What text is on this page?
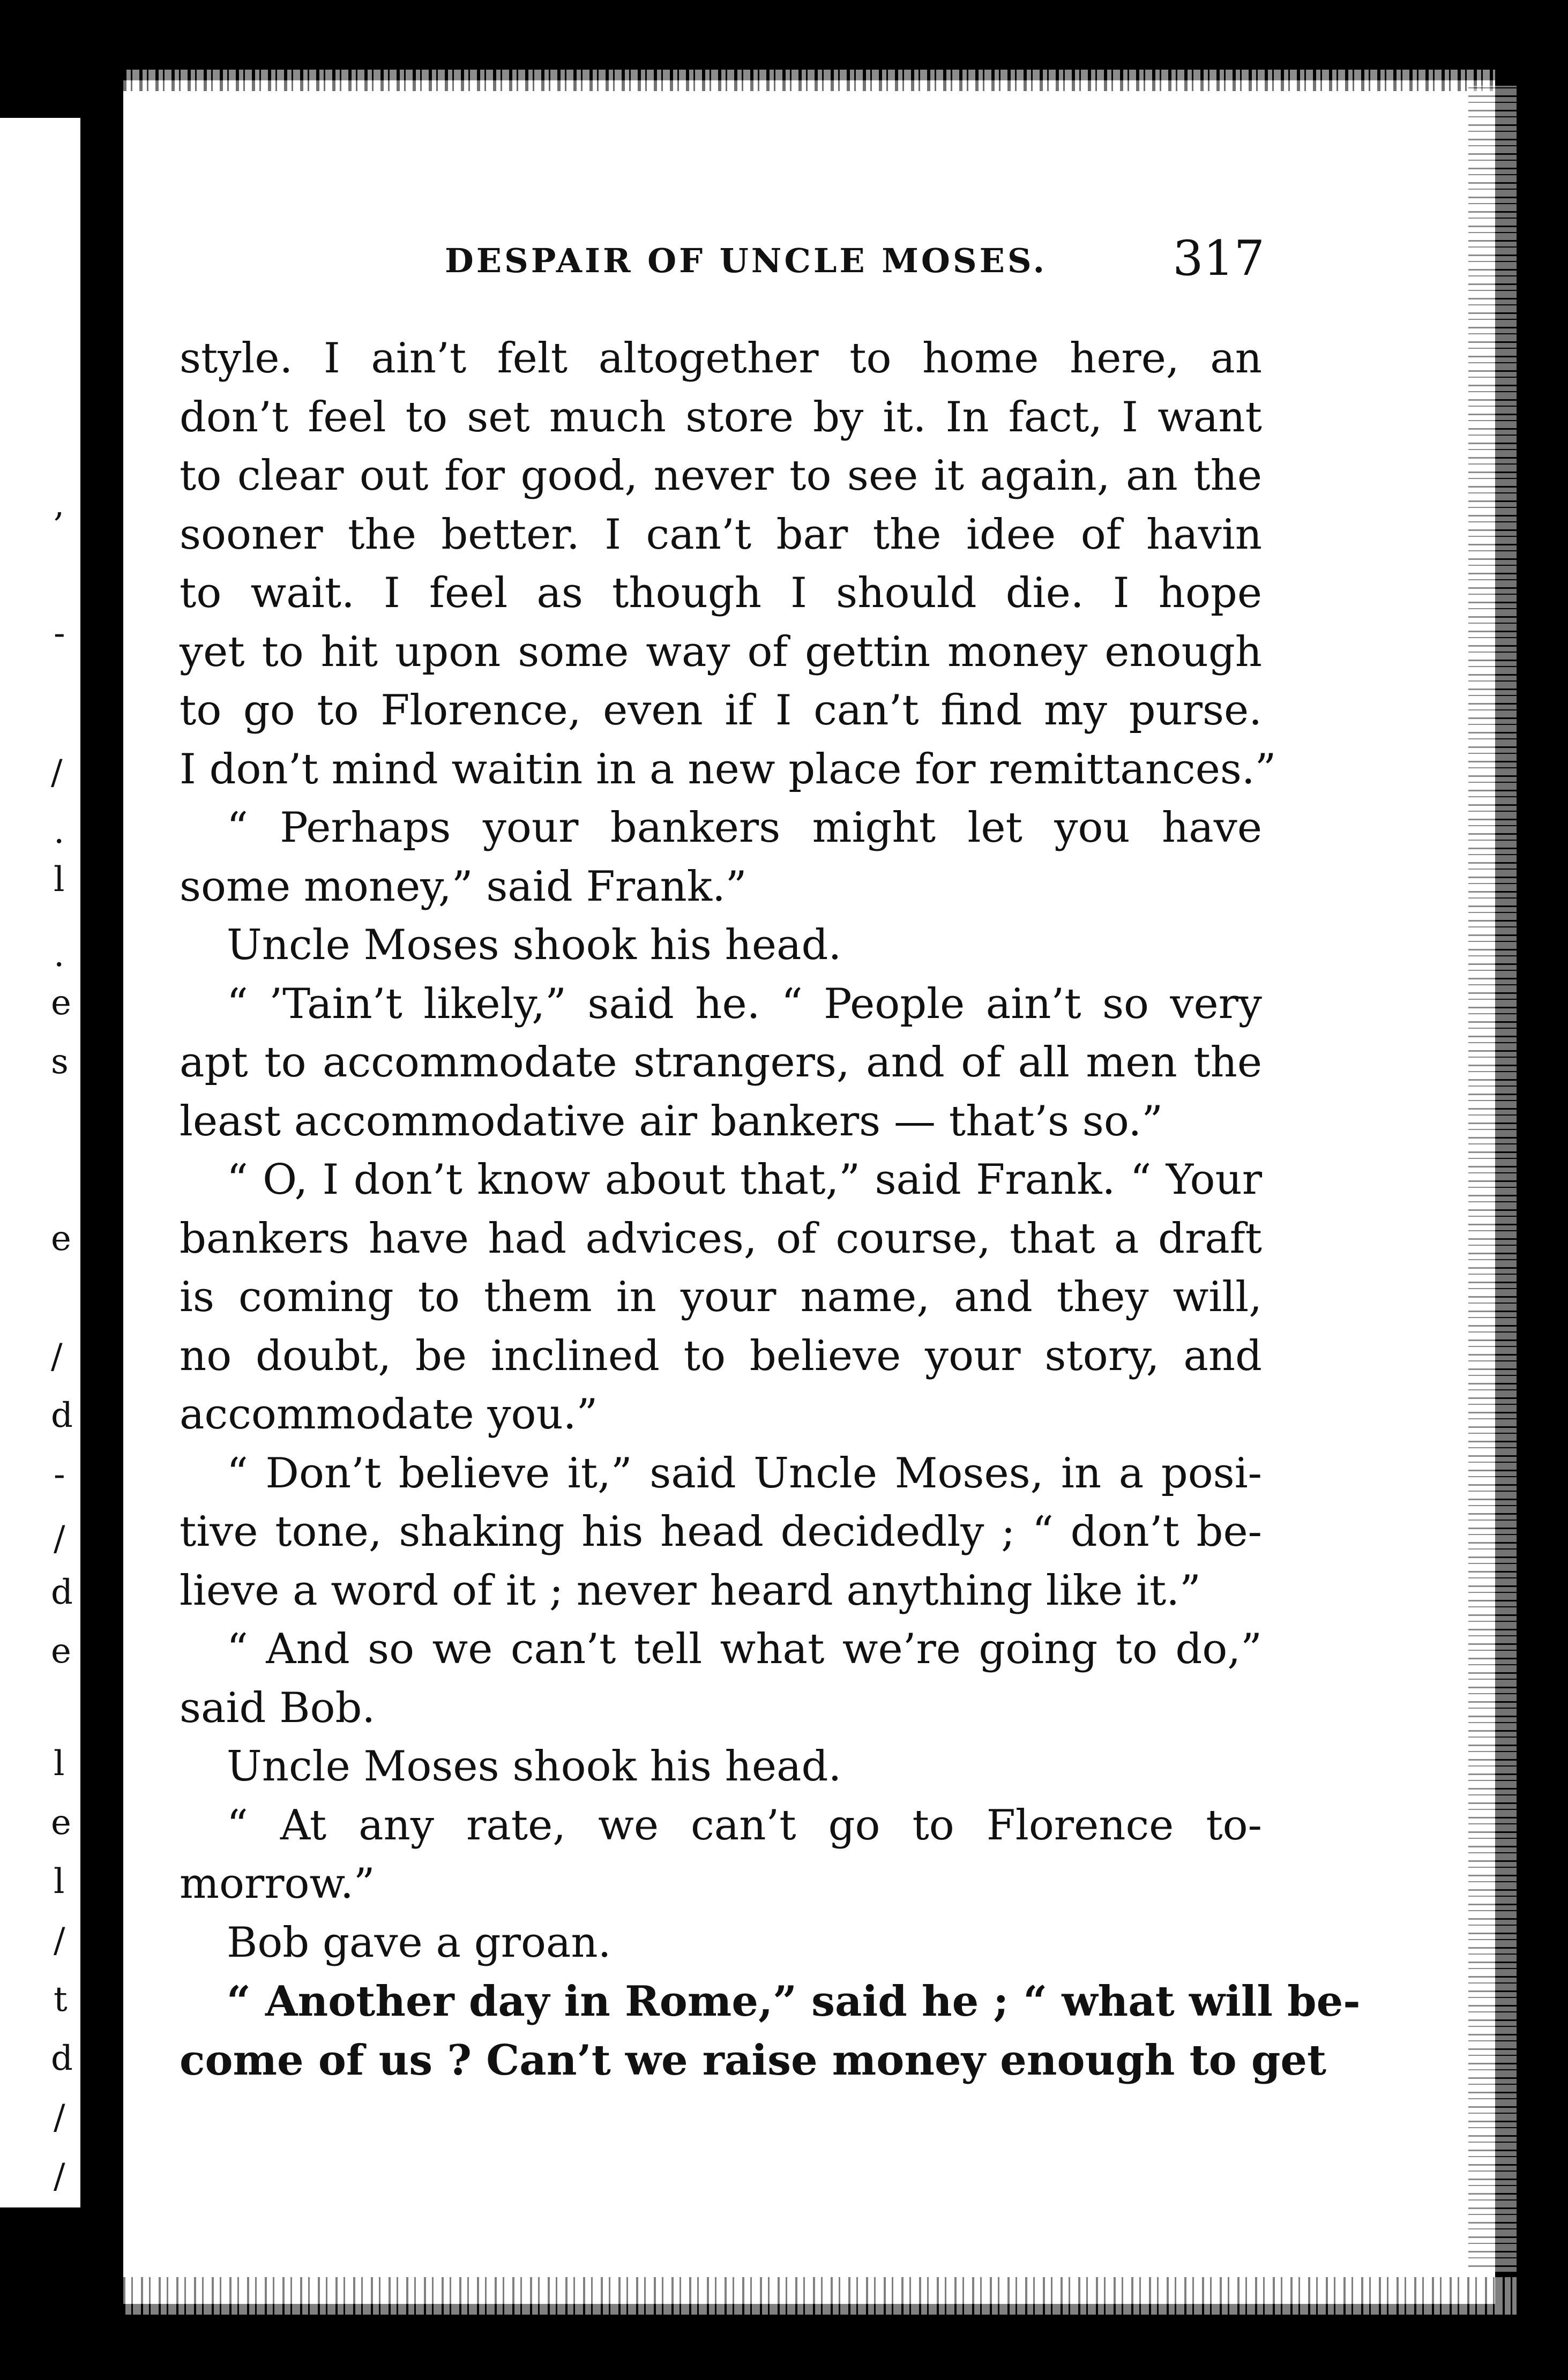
,
-
/
.
l
.
e
s
e
/
d
-
/
d
e
l
e
l
/
t
d
/
/
DESPAIR OF UNCLE MOSES.	317
style. I ain’t felt altogether to home here, an
don’t feel to set much store by it. In fact, I want
to clear out for good, never to see it again, an the
sooner the better. I can’t bar the idee of havin
to wait. I feel as though I should die. I hope
yet to hit upon some way of gettin money enough
to go to Florence, even if I can’t find my purse.
I don’t mind waitin in a new place for remittances.”
“ Perhaps your bankers might let you have
some money,” said Frank.”
Uncle Moses shook his head.
“ ’Tain’t likely,” said he. “ People ain’t so very
apt to accommodate strangers, and of all men the
least accommodative air bankers — that’s so.”
“ O, I don’t know about that,” said Frank. “ Your
bankers have had advices, of course, that a draft
is coming to them in your name, and they will,
no doubt, be inclined to believe your story, and
accommodate you.”
“ Don’t believe it,” said Uncle Moses, in a posi-
tive tone, shaking his head decidedly ; “ don’t be-
lieve a word of it ; never heard anything like it.”
“ And so we can’t tell what we’re going to do,”
said Bob.
Uncle Moses shook his head.
“ At any rate, we can’t go to Florence to-
morrow.”
Bob gave a groan.
“ Another day in Rome,” said he ; “ what will be-
come of us ? Can’t we raise money enough to get
